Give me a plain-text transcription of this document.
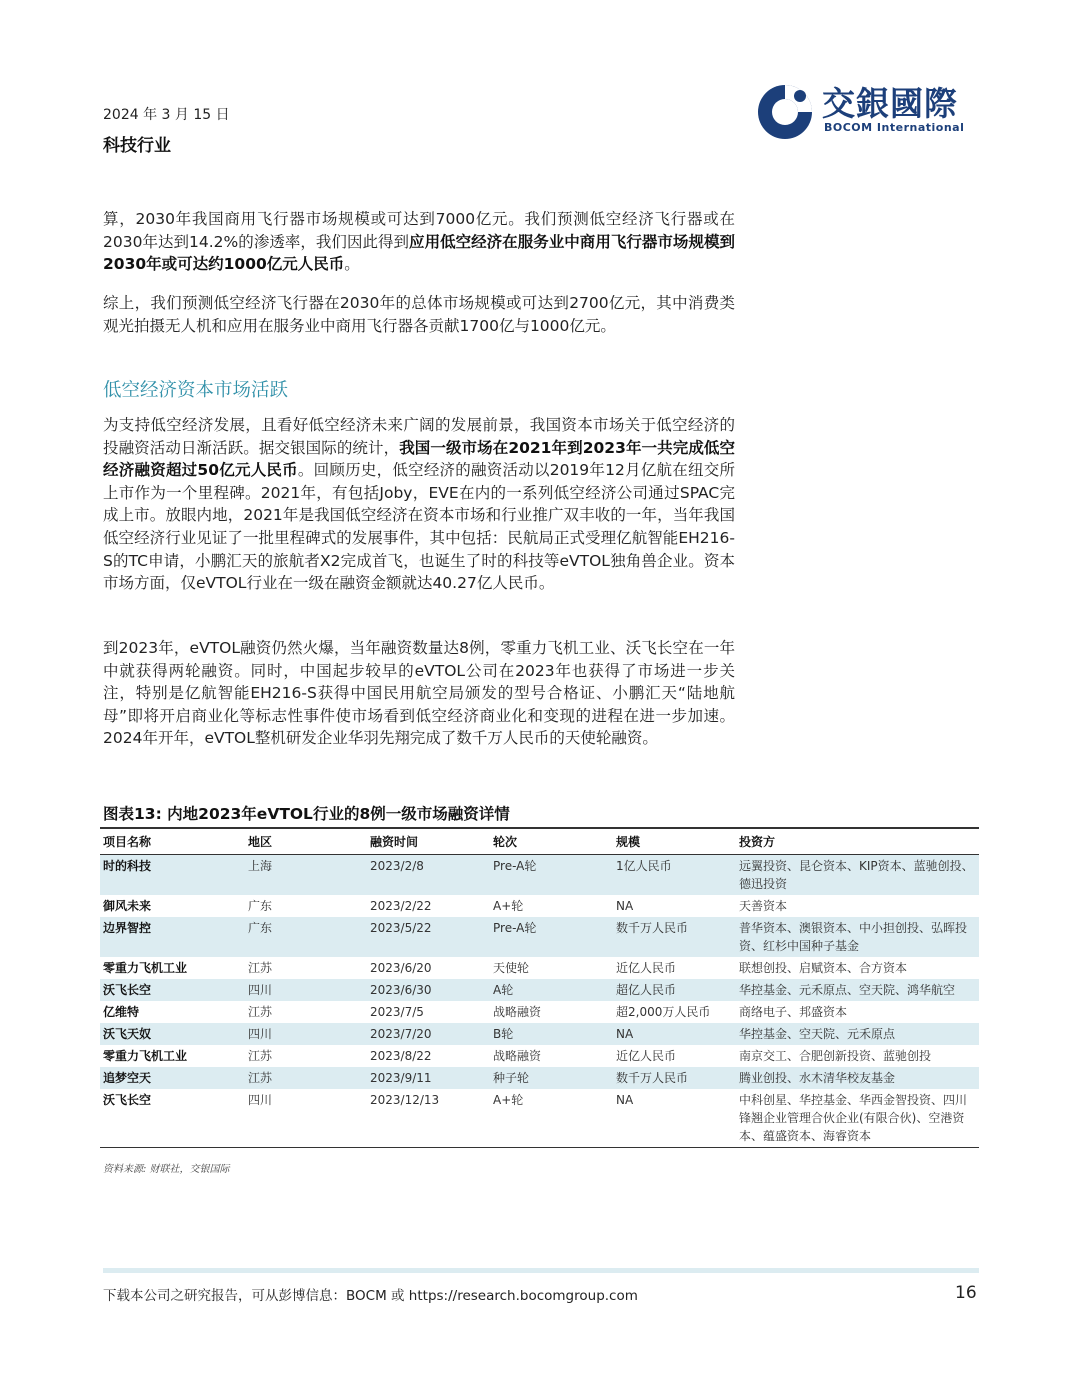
2024 年 3 月 15 日
科技行业
交銀國際
BOCOM International
算，2030年我国商用飞行器市场规模或可达到7000亿元。我们预测低空经济飞行器或在2030年达到14.2%的渗透率，我们因此得到应用低空经济在服务业中商用飞行器市场规模到2030年或可达约1000亿元人民币。
综上，我们预测低空经济飞行器在2030年的总体市场规模或可达到2700亿元，其中消费类观光拍摄无人机和应用在服务业中商用飞行器各贡献1700亿与1000亿元。
低空经济资本市场活跃
为支持低空经济发展，且看好低空经济未来广阔的发展前景，我国资本市场关于低空经济的投融资活动日渐活跃。据交银国际的统计，我国一级市场在2021年到2023年一共完成低空经济融资超过50亿元人民币。回顾历史，低空经济的融资活动以2019年12月亿航在纽交所上市作为一个里程碑。2021年，有包括Joby，EVE在内的一系列低空经济公司通过SPAC完成上市。放眼内地，2021年是我国低空经济在资本市场和行业推广双丰收的一年，当年我国低空经济行业见证了一批里程碑式的发展事件，其中包括：民航局正式受理亿航智能EH216-S的TC申请，小鹏汇天的旅航者X2完成首飞，也诞生了时的科技等eVTOL独角兽企业。资本市场方面，仅eVTOL行业在一级在融资金额就达40.27亿人民币。
到2023年，eVTOL融资仍然火爆，当年融资数量达8例，零重力飞机工业、沃飞长空在一年中就获得两轮融资。同时，中国起步较早的eVTOL公司在2023年也获得了市场进一步关注，特别是亿航智能EH216-S获得中国民用航空局颁发的型号合格证、小鹏汇天“陆地航母”即将开启商业化等标志性事件使市场看到低空经济商业化和变现的进程在进一步加速。2024年开年，eVTOL整机研发企业华羽先翔完成了数千万人民币的天使轮融资。
图表13: 内地2023年eVTOL行业的8例一级市场融资详情
项目名称	地区	融资时间	轮次	规模	投资方
时的科技	上海	2023/2/8	Pre-A轮	1亿人民币	远翼投资、昆仑资本、KIP资本、蓝驰创投、德迅投资
御风未来	广东	2023/2/22	A+轮	NA	天善资本
边界智控	广东	2023/5/22	Pre-A轮	数千万人民币	普华资本、澳银资本、中小担创投、弘晖投资、红杉中国种子基金
零重力飞机工业	江苏	2023/6/20	天使轮	近亿人民币	联想创投、启赋资本、合方资本
沃飞长空	四川	2023/6/30	A轮	超亿人民币	华控基金、元禾原点、空天院、鸿华航空
亿维特	江苏	2023/7/5	战略融资	超2,000万人民币	商络电子、邦盛资本
沃飞天奴	四川	2023/7/20	B轮	NA	华控基金、空天院、元禾原点
零重力飞机工业	江苏	2023/8/22	战略融资	近亿人民币	南京交工、合肥创新投资、蓝驰创投
追梦空天	江苏	2023/9/11	种子轮	数千万人民币	腾业创投、水木清华校友基金
沃飞长空	四川	2023/12/13	A+轮	NA	中科创星、华控基金、华西金智投资、四川 锋翘企业管理合伙企业(有限合伙)、空港资本、蕴盛资本、海睿资本
资料来源: 财联社，交银国际
下载本公司之研究报告，可从彭博信息：BOCM 或 https://research.bocomgroup.com	16
